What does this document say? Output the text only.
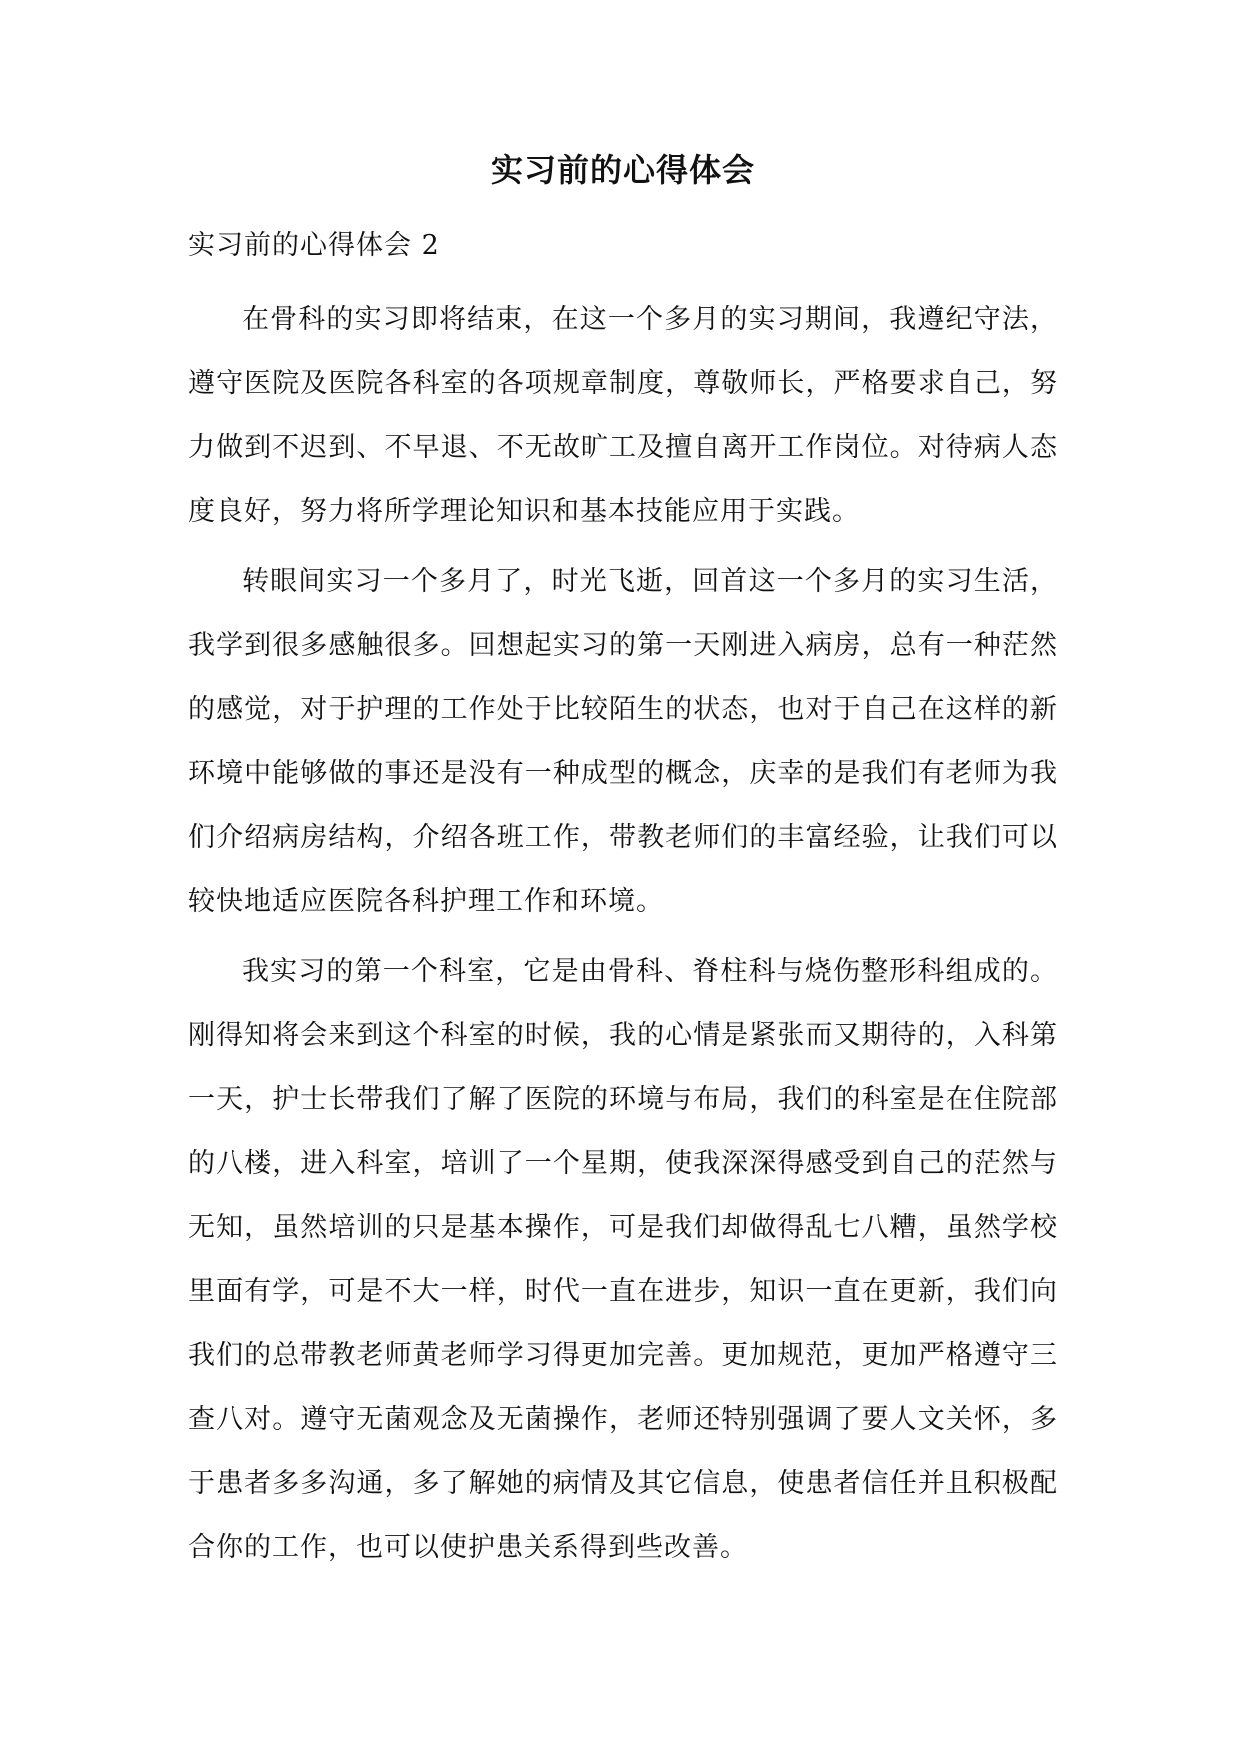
实习前的心得体会
实习前的心得体会 2

在骨科的实习即将结束，在这一个多月的实习期间，我遵纪守法，遵守医院及医院各科室的各项规章制度，尊敬师长，严格要求自己，努力做到不迟到、不早退、不无故旷工及擅自离开工作岗位。对待病人态度良好，努力将所学理论知识和基本技能应用于实践。

转眼间实习一个多月了，时光飞逝，回首这一个多月的实习生活，我学到很多感触很多。回想起实习的第一天刚进入病房，总有一种茫然的感觉，对于护理的工作处于比较陌生的状态，也对于自己在这样的新环境中能够做的事还是没有一种成型的概念，庆幸的是我们有老师为我们介绍病房结构，介绍各班工作，带教老师们的丰富经验，让我们可以较快地适应医院各科护理工作和环境。

我实习的第一个科室，它是由骨科、脊柱科与烧伤整形科组成的。刚得知将会来到这个科室的时候，我的心情是紧张而又期待的，入科第一天，护士长带我们了解了医院的环境与布局，我们的科室是在住院部的八楼，进入科室，培训了一个星期，使我深深得感受到自己的茫然与无知，虽然培训的只是基本操作，可是我们却做得乱七八糟，虽然学校里面有学，可是不大一样，时代一直在进步，知识一直在更新，我们向我们的总带教老师黄老师学习得更加完善。更加规范，更加严格遵守三查八对。遵守无菌观念及无菌操作，老师还特别强调了要人文关怀，多于患者多多沟通，多了解她的病情及其它信息，使患者信任并且积极配合你的工作，也可以使护患关系得到些改善。
